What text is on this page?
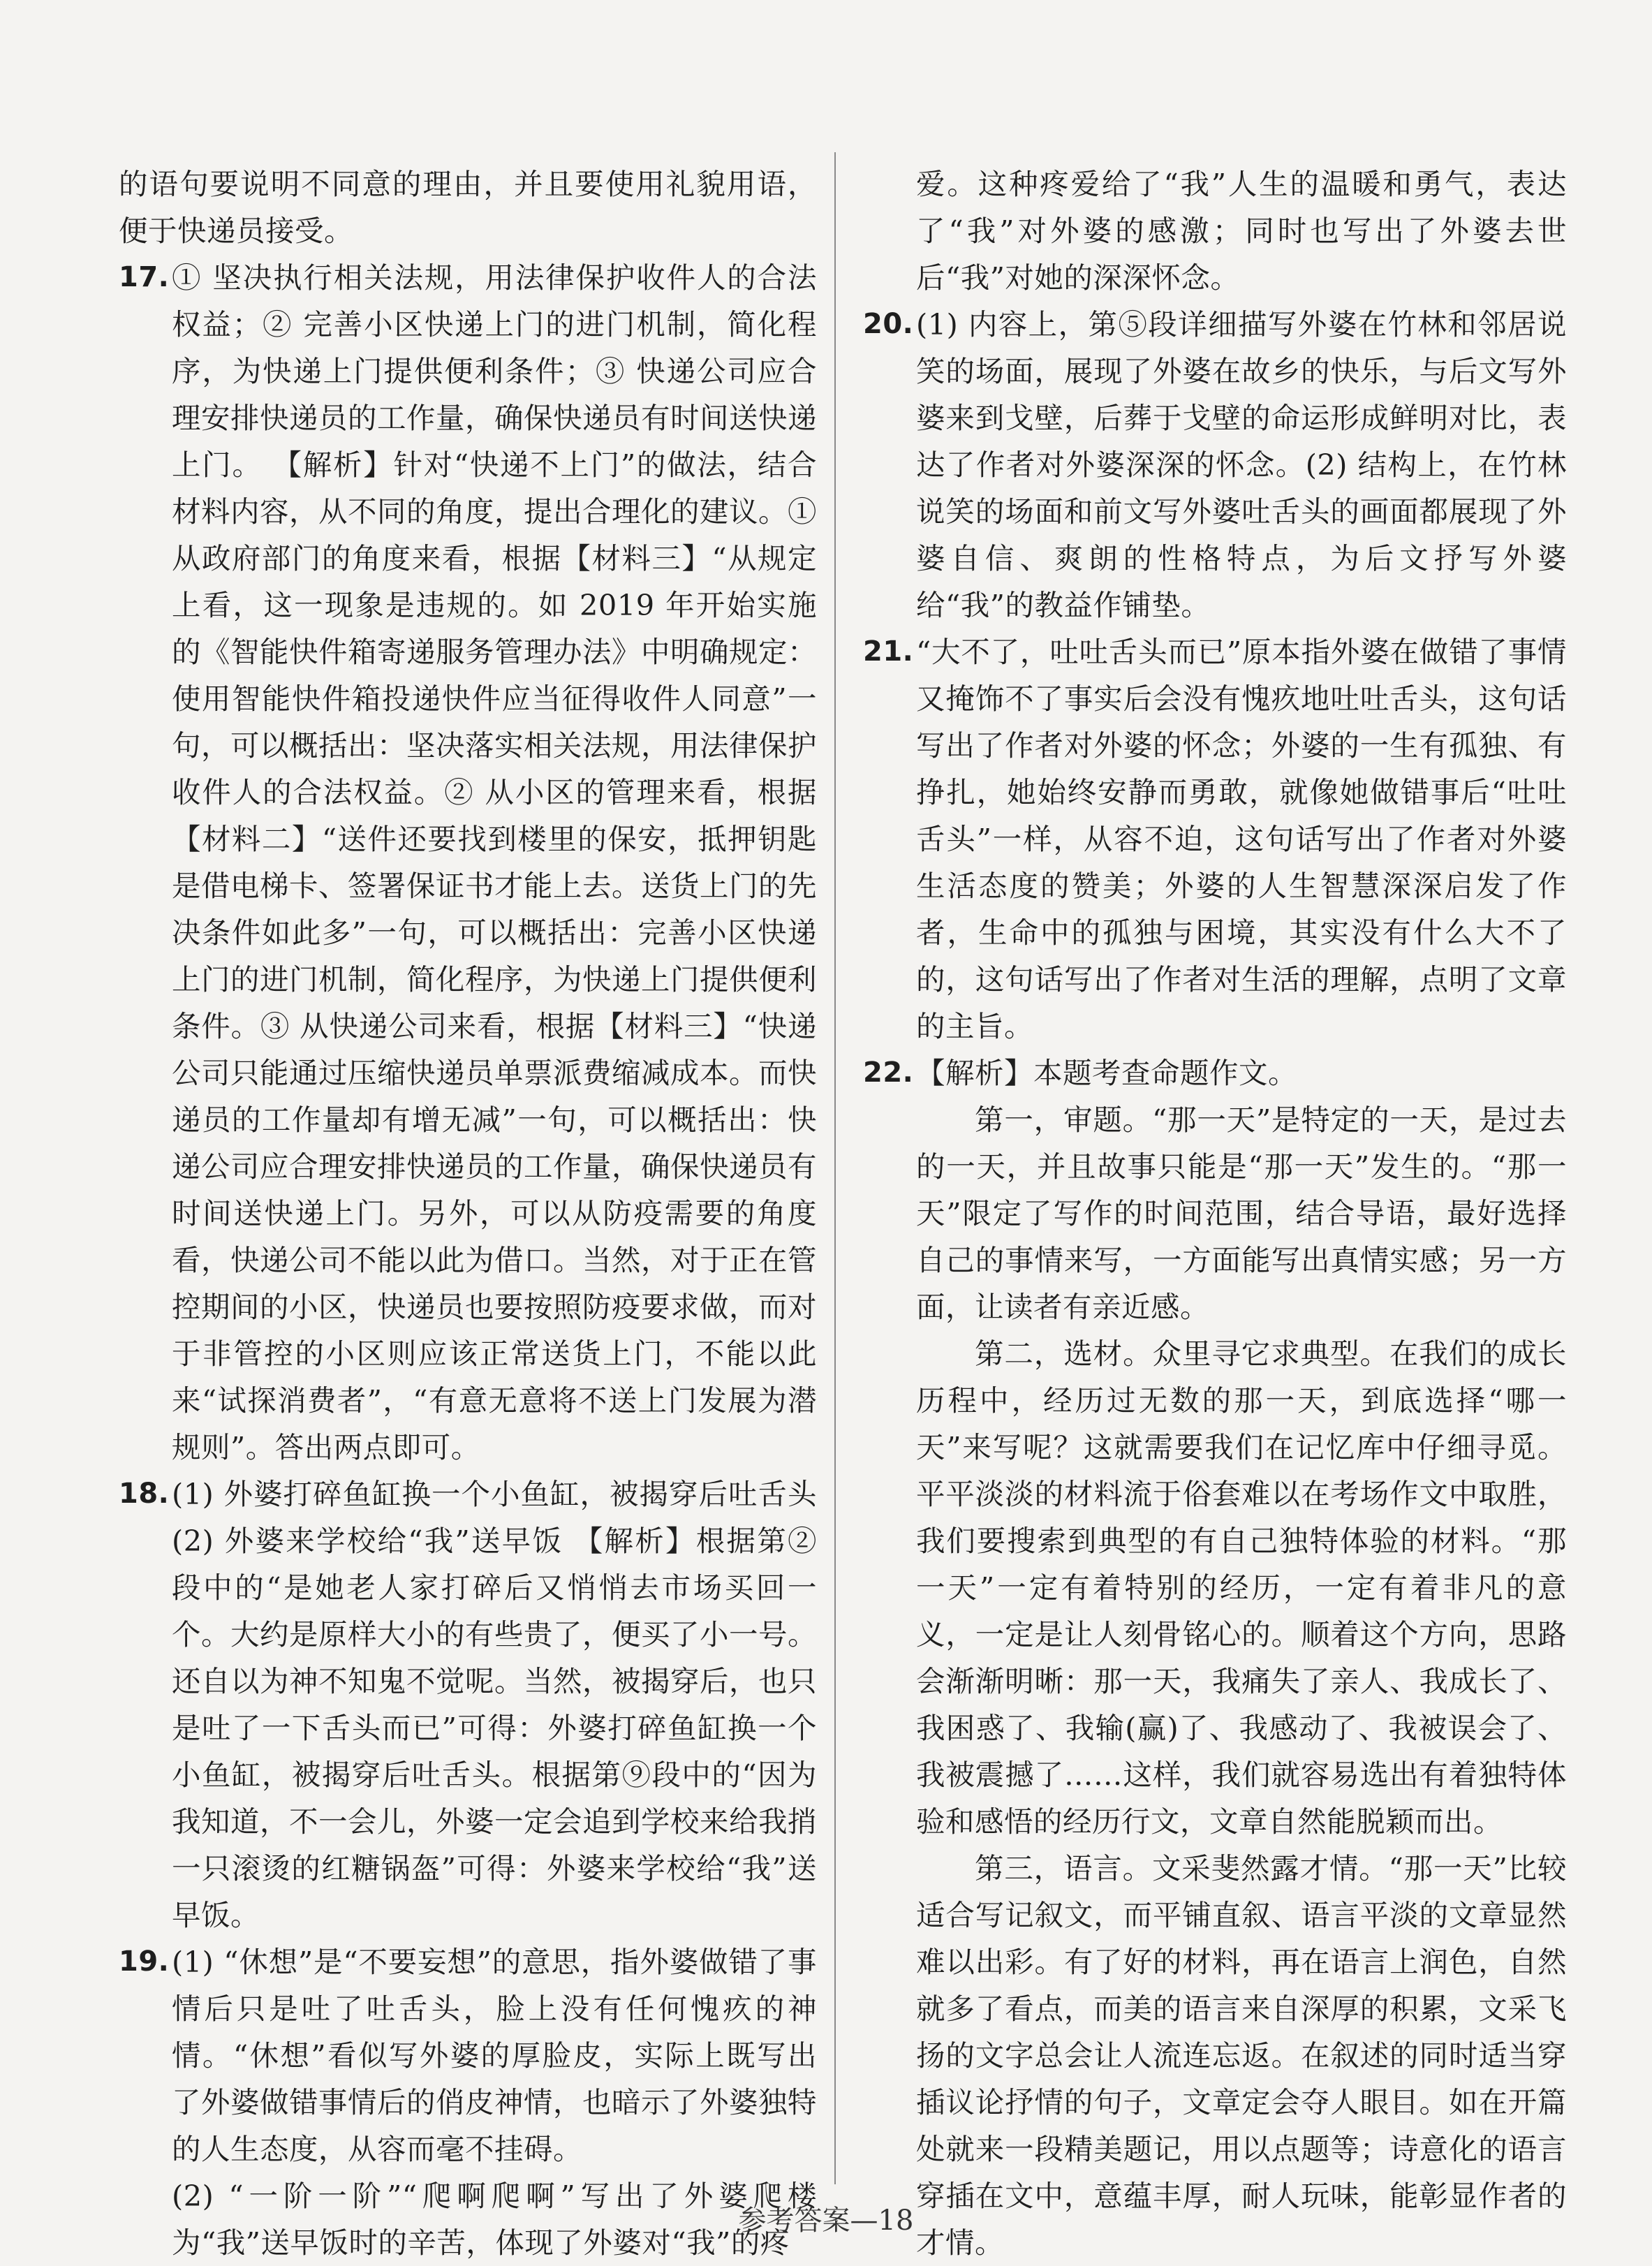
的语句要说明不同意的理由，并且要使用礼貌用语，便于快递员接受。
17. ① 坚决执行相关法规，用法律保护收件人的合法权益；② 完善小区快递上门的进门机制，简化程序，为快递上门提供便利条件；③ 快递公司应合理安排快递员的工作量，确保快递员有时间送快递上门。 【解析】针对“快递不上门”的做法，结合材料内容，从不同的角度，提出合理化的建议。① 从政府部门的角度来看，根据【材料三】“从规定上看，这一现象是违规的。如 2019 年开始实施的《智能快件箱寄递服务管理办法》中明确规定：使用智能快件箱投递快件应当征得收件人同意”一句，可以概括出：坚决落实相关法规，用法律保护收件人的合法权益。② 从小区的管理来看，根据【材料二】“送件还要找到楼里的保安，抵押钥匙是借电梯卡、签署保证书才能上去。送货上门的先决条件如此多”一句，可以概括出：完善小区快递上门的进门机制，简化程序，为快递上门提供便利条件。③ 从快递公司来看，根据【材料三】“快递公司只能通过压缩快递员单票派费缩减成本。而快递员的工作量却有增无减”一句，可以概括出：快递公司应合理安排快递员的工作量，确保快递员有时间送快递上门。另外，可以从防疫需要的角度看，快递公司不能以此为借口。当然，对于正在管控期间的小区，快递员也要按照防疫要求做，而对于非管控的小区则应该正常送货上门，不能以此来“试探消费者”，“有意无意将不送上门发展为潜规则”。答出两点即可。
18. (1) 外婆打碎鱼缸换一个小鱼缸，被揭穿后吐舌头 (2) 外婆来学校给“我”送早饭 【解析】根据第②段中的“是她老人家打碎后又悄悄去市场买回一个。大约是原样大小的有些贵了，便买了小一号。还自以为神不知鬼不觉呢。当然，被揭穿后，也只是吐了一下舌头而已”可得：外婆打碎鱼缸换一个小鱼缸，被揭穿后吐舌头。根据第⑨段中的“因为我知道，不一会儿，外婆一定会追到学校来给我捎一只滚烫的红糖锅盔”可得：外婆来学校给“我”送早饭。
19. (1) “休想”是“不要妄想”的意思，指外婆做错了事情后只是吐了吐舌头，脸上没有任何愧疚的神情。“休想”看似写外婆的厚脸皮，实际上既写出了外婆做错事情后的俏皮神情，也暗示了外婆独特的人生态度，从容而毫不挂碍。
(2) “一阶一阶”“爬啊爬啊”写出了外婆爬楼为“我”送早饭时的辛苦，体现了外婆对“我”的疼
爱。这种疼爱给了“我”人生的温暖和勇气，表达了“我”对外婆的感激；同时也写出了外婆去世后“我”对她的深深怀念。
20. (1) 内容上，第⑤段详细描写外婆在竹林和邻居说笑的场面，展现了外婆在故乡的快乐，与后文写外婆来到戈壁，后葬于戈壁的命运形成鲜明对比，表达了作者对外婆深深的怀念。(2) 结构上，在竹林说笑的场面和前文写外婆吐舌头的画面都展现了外婆自信、爽朗的性格特点，为后文抒写外婆给“我”的教益作铺垫。
21. “大不了，吐吐舌头而已”原本指外婆在做错了事情又掩饰不了事实后会没有愧疚地吐吐舌头，这句话写出了作者对外婆的怀念；外婆的一生有孤独、有挣扎，她始终安静而勇敢，就像她做错事后“吐吐舌头”一样，从容不迫，这句话写出了作者对外婆生活态度的赞美；外婆的人生智慧深深启发了作者，生命中的孤独与困境，其实没有什么大不了的，这句话写出了作者对生活的理解，点明了文章的主旨。
22. 【解析】本题考查命题作文。
第一，审题。“那一天”是特定的一天，是过去的一天，并且故事只能是“那一天”发生的。“那一天”限定了写作的时间范围，结合导语，最好选择自己的事情来写，一方面能写出真情实感；另一方面，让读者有亲近感。
第二，选材。众里寻它求典型。在我们的成长历程中，经历过无数的那一天，到底选择“哪一天”来写呢？这就需要我们在记忆库中仔细寻觅。平平淡淡的材料流于俗套难以在考场作文中取胜，我们要搜索到典型的有自己独特体验的材料。“那一天”一定有着特别的经历，一定有着非凡的意义，一定是让人刻骨铭心的。顺着这个方向，思路会渐渐明晰：那一天，我痛失了亲人、我成长了、我困惑了、我输(赢)了、我感动了、我被误会了、我被震撼了……这样，我们就容易选出有着独特体验和感悟的经历行文，文章自然能脱颖而出。
第三，语言。文采斐然露才情。“那一天”比较适合写记叙文，而平铺直叙、语言平淡的文章显然难以出彩。有了好的材料，再在语言上润色，自然就多了看点，而美的语言来自深厚的积累，文采飞扬的文字总会让人流连忘返。在叙述的同时适当穿插议论抒情的句子，文章定会夺人眼目。如在开篇处就来一段精美题记，用以点题等；诗意化的语言穿插在文中，意蕴丰厚，耐人玩味，能彰显作者的才情。
参考答案—18
